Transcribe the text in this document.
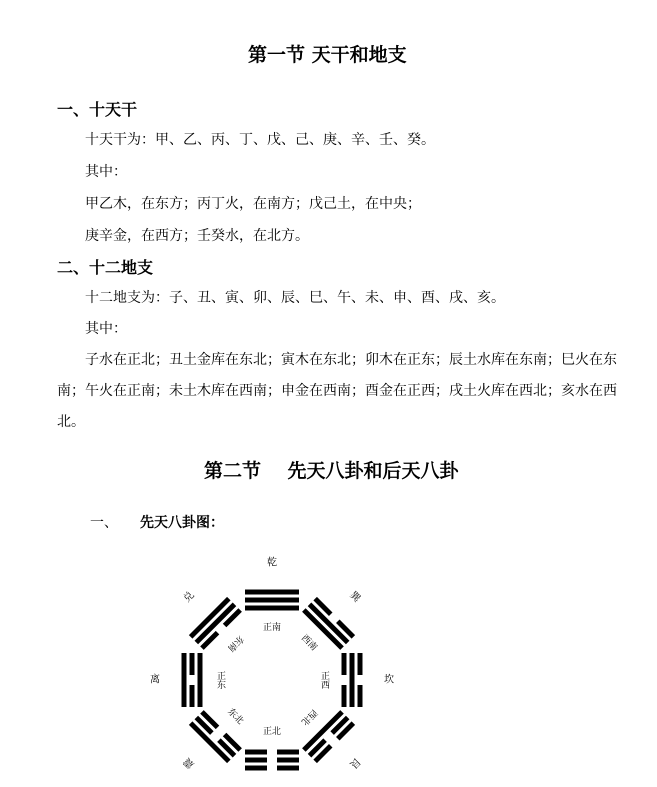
第一节 天干和地支
一、十天干
十天干为：甲、乙、丙、丁、戊、己、庚、辛、壬、癸。
其中：
甲乙木，在东方；丙丁火，在南方；戊己土，在中央；
庚辛金，在西方；壬癸水，在北方。
二、十二地支
十二地支为：子、丑、寅、卯、辰、巳、午、未、申、酉、戌、亥。
其中：
子水在正北；丑土金库在东北；寅木在东北；卯木在正东；辰土水库在东南；巳火在东
南；午火在正南；未土木库在西南；申金在西南；酉金在正西；戌土火库在西北；亥水在西
北。
第二节    先天八卦和后天八卦
一、 先天八卦图：
乾
正南
巽
西南
坎
正西
艮
西北
正北
震
东北
离	正东
兑
东南
